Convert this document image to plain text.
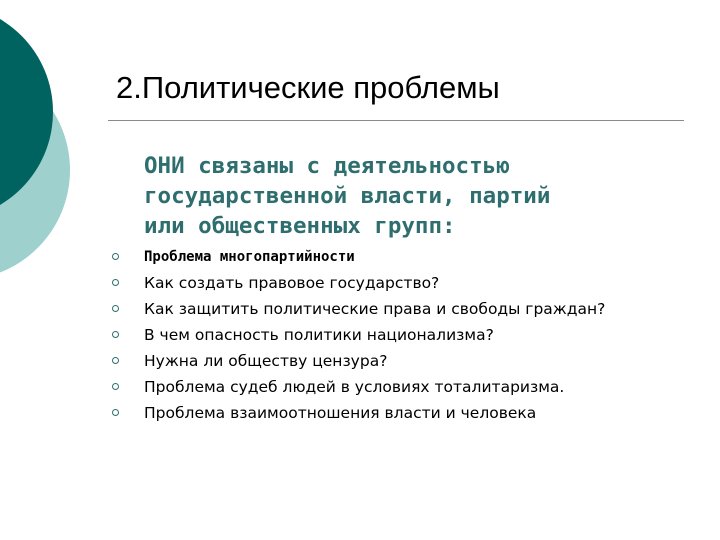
2.Политические проблемы
ОНИ связаны с деятельностью
государственной власти, партий
или общественных групп:
Проблема многопартийности
Как создать правовое государство?
Как защитить политические права и свободы граждан?
В чем опасность политики национализма?
Нужна ли обществу цензура?
Проблема судеб людей в условиях тоталитаризма.
Проблема взаимоотношения власти и человека
